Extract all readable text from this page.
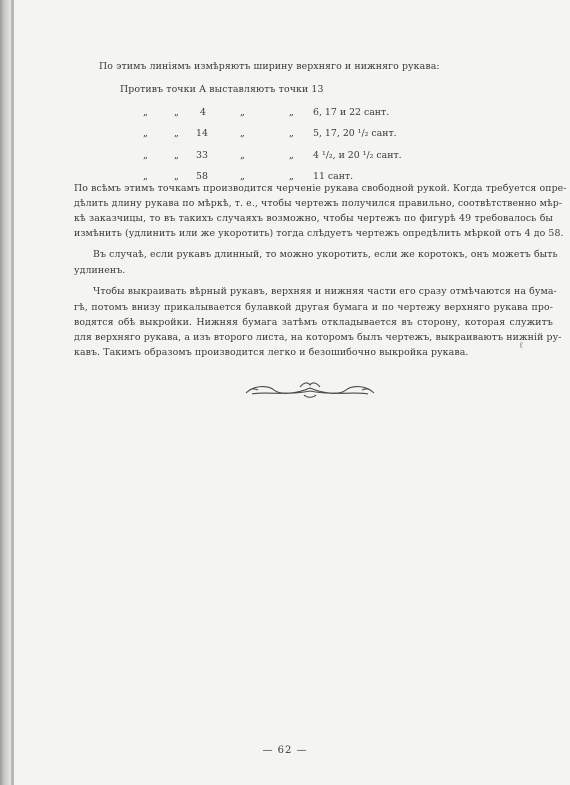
По этимъ линіямъ измѣряютъ ширину верхняго и нижняго рукава:
Противъ точки А выставляютъ точки 13
„	„ 4	„	„ 6, 17 и 22 сант.
„	„ 14	„	„ 5, 17, 20 ¹/₂ сант.
„	„ 33	„	„ 4 ¹/₂, и 20 ¹/₂ сант.
„	„ 58	„	„ 11 сант.
По всѣмъ этимъ точкамъ производится черченіе рукава свободной рукой. Когда требуется опре-
дѣлить длину рукава по мѣркѣ, т. е., чтобы чертежъ получился правильно, соотвѣтственно мѣр-
кѣ заказчицы, то въ такихъ случаяхъ возможно, чтобы чертежъ по фигурѣ 49 требовалось бы
измѣнить (удлинить или же укоротить) тогда слѣдуетъ чертежъ опредѣлить мѣркой отъ 4 до 58.
Въ случаѣ, если рукавъ длинный, то можно укоротить, если же коротокъ, онъ можетъ быть
удлиненъ.
Чтобы выкраивать вѣрный рукавъ, верхняя и нижняя части его сразу отмѣчаются на бума-
гѣ, потомъ внизу прикалывается булавкой другая бумага и по чертежу верхняго рукава про-
водятся обѣ выкройки. Нижняя бумага затѣмъ откладывается въ сторону, которая служитъ
для верхняго рукава, а изъ второго листа, на которомъ былъ чертежъ, выкраиваютъ нижній ру-
кавъ. Такимъ образомъ производится легко и безошибочно выкройка рукава.
ℓ
— 62 —
